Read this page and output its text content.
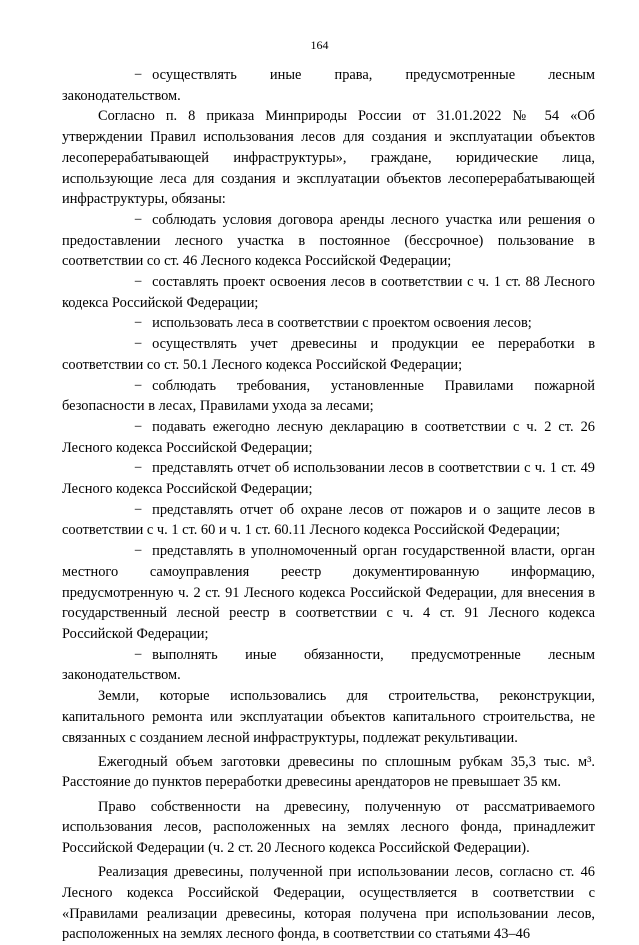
164

− осуществлять иные права, предусмотренные лесным законодательством.

Согласно п. 8 приказа Минприроды России от 31.01.2022 № 54 «Об утверждении Правил использования лесов для создания и эксплуатации объектов лесоперерабатывающей инфраструктуры», граждане, юридические лица, использующие леса для создания и эксплуатации объектов лесоперерабатывающей инфраструктуры, обязаны:

− соблюдать условия договора аренды лесного участка или решения о предоставлении лесного участка в постоянное (бессрочное) пользование в соответствии со ст. 46 Лесного кодекса Российской Федерации;

− составлять проект освоения лесов в соответствии с ч. 1 ст. 88 Лесного кодекса Российской Федерации;

− использовать леса в соответствии с проектом освоения лесов;

− осуществлять учет древесины и продукции ее переработки в соответствии со ст. 50.1 Лесного кодекса Российской Федерации;

− соблюдать требования, установленные Правилами пожарной безопасности в лесах, Правилами ухода за лесами;

− подавать ежегодно лесную декларацию в соответствии с ч. 2 ст. 26 Лесного кодекса Российской Федерации;

− представлять отчет об использовании лесов в соответствии с ч. 1 ст. 49 Лесного кодекса Российской Федерации;

− представлять отчет об охране лесов от пожаров и о защите лесов в соответствии с ч. 1 ст. 60 и ч. 1 ст. 60.11 Лесного кодекса Российской Федерации;

− представлять в уполномоченный орган государственной власти, орган местного самоуправления реестр документированную информацию, предусмотренную ч. 2 ст. 91 Лесного кодекса Российской Федерации, для внесения в государственный лесной реестр в соответствии с ч. 4 ст. 91 Лесного кодекса Российской Федерации;

− выполнять иные обязанности, предусмотренные лесным законодательством.

Земли, которые использовались для строительства, реконструкции, капитального ремонта или эксплуатации объектов капитального строительства, не связанных с созданием лесной инфраструктуры, подлежат рекультивации.

Ежегодный объем заготовки древесины по сплошным рубкам 35,3 тыс. м³. Расстояние до пунктов переработки древесины арендаторов не превышает 35 км.

Право собственности на древесину, полученную от рассматриваемого использования лесов, расположенных на землях лесного фонда, принадлежит Российской Федерации (ч. 2 ст. 20 Лесного кодекса Российской Федерации).

Реализация древесины, полученной при использовании лесов, согласно ст. 46 Лесного кодекса Российской Федерации, осуществляется в соответствии с «Правилами реализации древесины, которая получена при использовании лесов, расположенных на землях лесного фонда, в соответствии со статьями 43–46
